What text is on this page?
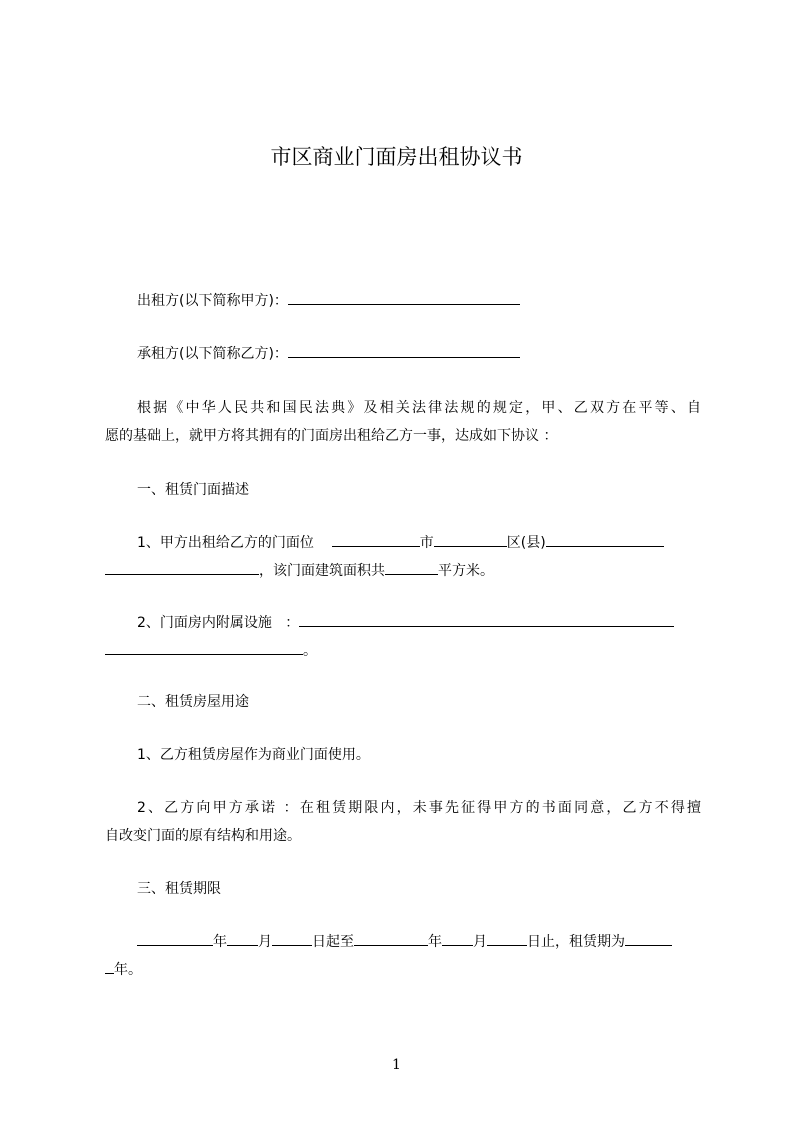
市区商业门面房出租协议书

出租方(以下简称甲方)：

承租方(以下简称乙方)：

根据《中华人民共和国民法典》及相关法律法规的规定，甲、乙双方在平等、自

愿的基础上，就甲方将其拥有的门面房出租给乙方一事，达成如下协议 ：

一、租赁门面描述

1、甲方出租给乙方的门面位	市	区(县)

，该门面建筑面积共	平方米。

2、门面房内附属设施 ：

。

二、租赁房屋用途

1、乙方租赁房屋作为商业门面使用。

2、乙方向甲方承诺 ：在租赁期限内，未事先征得甲方的书面同意，乙方不得擅

自改变门面的原有结构和用途。

三、租赁期限

年 月	日起至	年 月	日止，租赁期为

年。

1
